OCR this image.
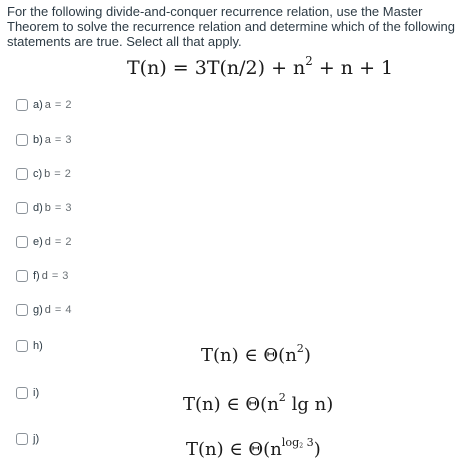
For the following divide-and-conquer recurrence relation, use the Master Theorem to solve the recurrence relation and determine which of the following statements are true. Select all that apply.
$T(n) = 3T(n/2) + n^2 + n + 1$
a) a = 2
b) a = 3
c) b = 2
d) b = 3
e) d = 2
f) d = 3
g) d = 4
h)	T(n) ∈ $\Theta(n^2)$
i)
T(n) ∈ $\Theta(n^2$ lg n)
j)	T(n) ∈ $\Theta(n^{log_2 3})$
